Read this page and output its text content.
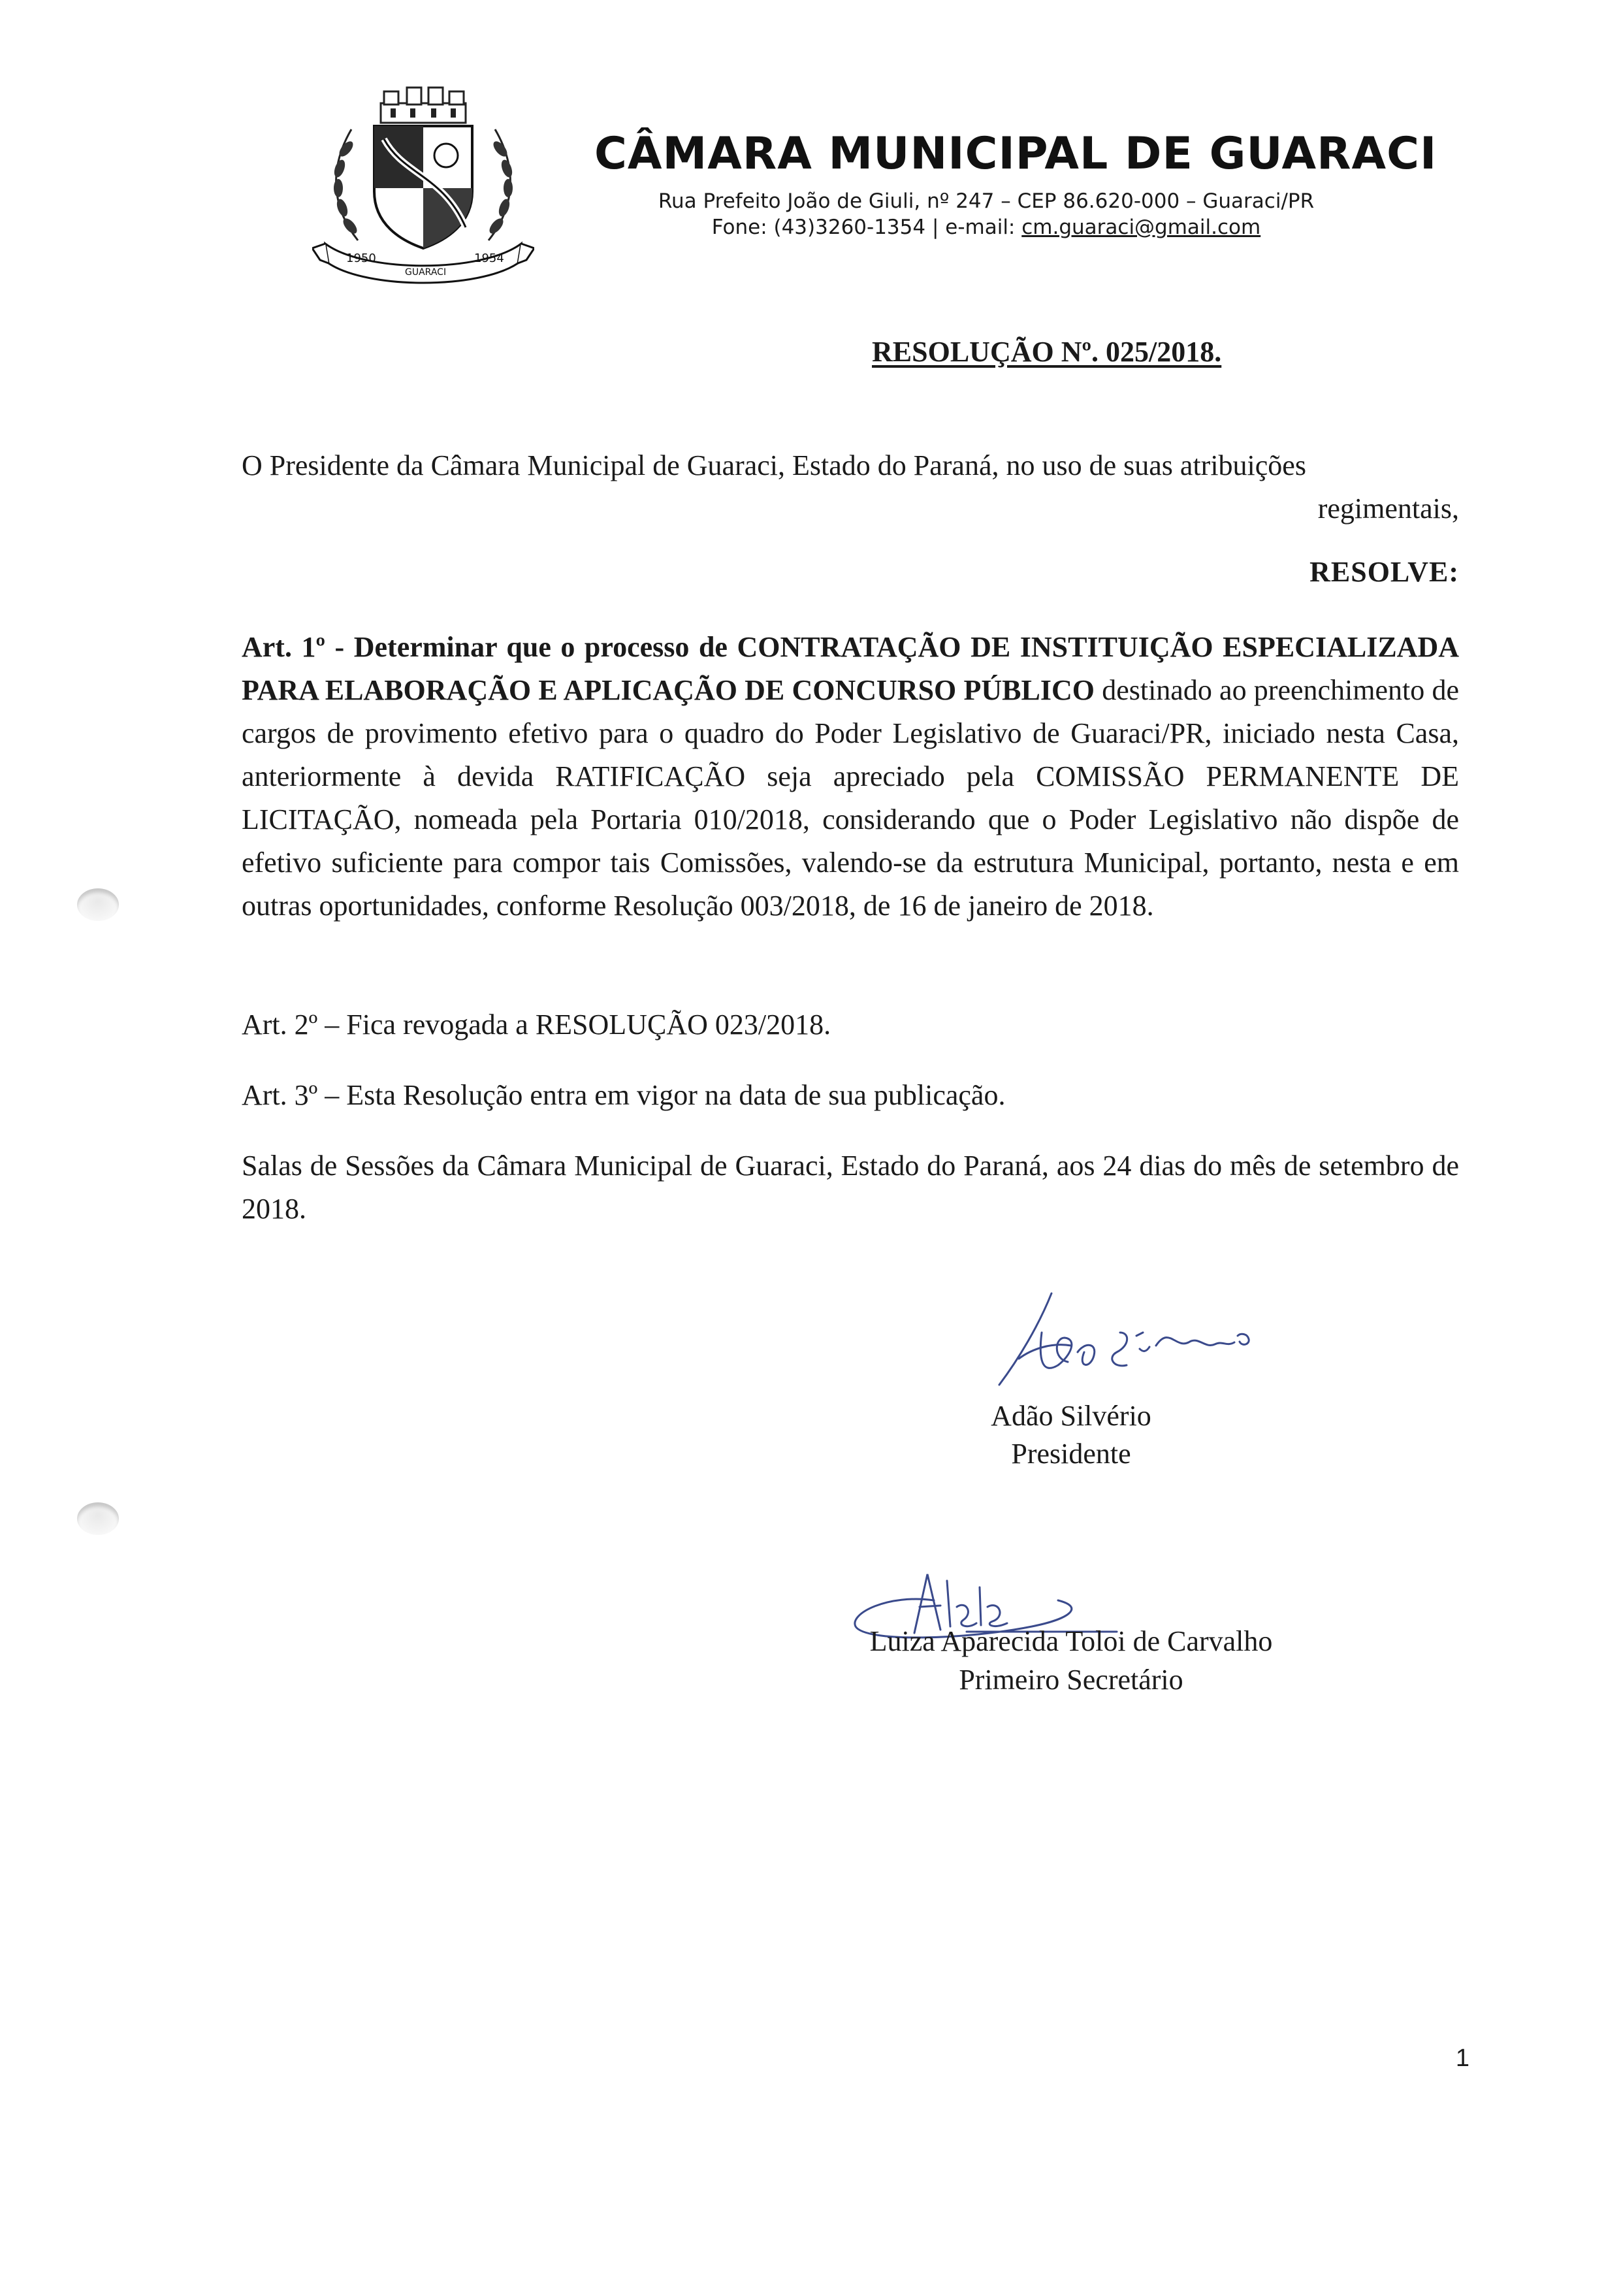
1950
GUARACI
1954
CÂMARA MUNICIPAL DE GUARACI
Rua Prefeito João de Giuli, nº 247 – CEP 86.620-000 – Guaraci/PR
Fone: (43)3260-1354 | e-mail: cm.guaraci@gmail.com
RESOLUÇÃO Nº. 025/2018.
O Presidente da Câmara Municipal de Guaraci, Estado do Paraná, no uso de suas atribuições
regimentais,
RESOLVE:
Art. 1º - Determinar que o processo de CONTRATAÇÃO DE INSTITUIÇÃO ESPECIALIZADA PARA ELABORAÇÃO E APLICAÇÃO DE CONCURSO PÚBLICO destinado ao preenchimento de cargos de provimento efetivo para o quadro do Poder Legislativo de Guaraci/PR, iniciado nesta Casa, anteriormente à devida RATIFICAÇÃO seja apreciado pela COMISSÃO PERMANENTE DE LICITAÇÃO, nomeada pela Portaria 010/2018, considerando que o Poder Legislativo não dispõe de efetivo suficiente para compor tais Comissões, valendo-se da estrutura Municipal, portanto, nesta e em outras oportunidades, conforme Resolução 003/2018, de 16 de janeiro de 2018.
Art. 2º – Fica revogada a RESOLUÇÃO 023/2018.
Art. 3º – Esta Resolução entra em vigor na data de sua publicação.
Salas de Sessões da Câmara Municipal de Guaraci, Estado do Paraná, aos 24 dias do mês de setembro de 2018.
Adão Silvério
Presidente
Luiza Aparecida Toloi de Carvalho
Primeiro Secretário
1
